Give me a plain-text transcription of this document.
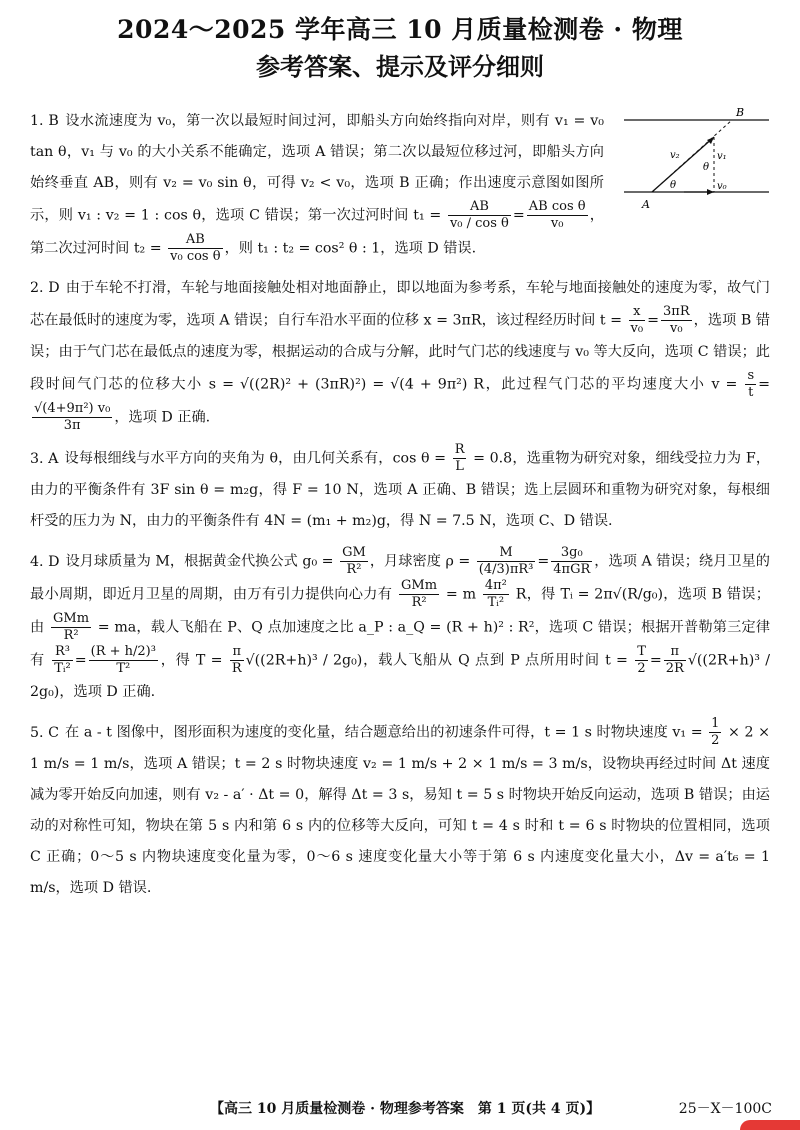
2024～2025 学年高三 10 月质量检测卷 · 物理
参考答案、提示及评分细则
B
A
v₁
v₂
v₀
θ
θ
1. B 设水流速度为 v₀，第一次以最短时间过河，即船头方向始终指向对岸，则有 v₁ = v₀ tan θ，v₁ 与 v₀ 的大小关系不能确定，选项 A 错误；第二次以最短位移过河，即船头方向始终垂直 AB，则有 v₂ = v₀ sin θ，可得 v₂ < v₀，选项 B 正确；作出速度示意图如图所示，则 v₁ : v₂ = 1 : cos θ，选项 C 错误；第一次过河时间 $t_1 = \frac{AB}{\text{v₀ / cos θ}} = \frac{\text{AB cos θ}}{\text{v₀}}$ ，第二次过河时间 $t_2 = \frac{AB}{\text{v₀ cos θ}}$ ，则 t₁ : t₂ = cos² θ : 1，选项 D 错误.
2. D 由于车轮不打滑，车轮与地面接触处相对地面静止，即以地面为参考系，车轮与地面接触处的速度为零，故气门芯在最低时的速度为零，选项 A 错误；自行车沿水平面的位移 x = 3πR，该过程经历时间 $t = \frac{x}{\text{v₀}} = \frac{3\pi R}{\text{v₀}}$ ，选项 B 错误；由于气门芯在最低点的速度为零，根据运动的合成与分解，此时气门芯的线速度与 v₀ 等大反向，选项 C 错误；此段时间气门芯的位移大小 s = √((2R)² + (3πR)²) = √(4 + 9π²) R，此过程气门芯的平均速度大小 $v = \frac{s}{t}$ =
$\frac{\text{√(4+9π²) v₀}}{3\pi}$ ，选项 D 正确.
3. A 设每根细线与水平方向的夹角为 θ，由几何关系有，$\cos \theta = \frac{R}{L} = 0.8$，选重物为研究对象，细线受拉力为 F，由力的平衡条件有 3F sin θ = m₂g，得 F = 10 N，选项 A 正确、B 错误；选上层圆环和重物为研究对象，每根细杆受的压力为 N，由力的平衡条件有 4N = (m₁ + m₂)g，得 N = 7.5 N，选项 C、D 错误.
4. D 设月球质量为 M，根据黄金代换公式 $g_0 = \frac{GM}{\text{R²}}$ ，月球密度 $\rho = \frac{M}{\text{(4/3)πR³}} = \frac{\text{3g₀}}{\text{4πGR}}$ ，选项 A 错误；绕月卫星的最小周期，即近月卫星的周期，由万有引力提供向心力有 $\frac{\text{GMm}}{\text{R²}} = m \frac{\text{4π²}}{\text{Tᵢ²}}$ R，得 Tᵢ = 2π√(R/g₀)，选项 B 错误；由 $\frac{\text{GMm}}{\text{R²}}$ = ma，载人飞船在 P、Q 点加速度之比 a_P : a_Q = (R + h)² : R²，选项 C 错误；根据开普勒第三定律有 $\frac{\text{R³}}{\text{Tᵢ²}} = \frac{\text{(R + h/2)³}}{\text{T²}}$ ，得 $T = \frac{\pi}{R} √((2R+h)^3 / 2g_0)$，载人飞船从 Q 点到 P 点所用时间 $t = \frac{T}{2} = \frac{\pi}{2R} √((2R+h)^3 / 2g_0)$，选项 D 正确.
5. C 在 a - t 图像中，图形面积为速度的变化量，结合题意给出的初速条件可得，t = 1 s 时物块速度 $v_1 = \frac{1}{2} \times 2 \times 1$ m/s = 1 m/s，选项 A 错误；t = 2 s 时物块速度 v₂ = 1 m/s + 2 × 1 m/s = 3 m/s，设物块再经过时间 Δt 速度减为零开始反向加速，则有 v₂ - a′ · Δt = 0，解得 Δt = 3 s，易知 t = 5 s 时物块开始反向运动，选项 B 错误；由运动的对称性可知，物块在第 5 s 内和第 6 s 内的位移等大反向，可知 t = 4 s 时和 t = 6 s 时物块的位置相同，选项 C 正确；0～5 s 内物块速度变化量为零，0～6 s 速度变化量大小等于第 6 s 内速度变化量大小，Δv = a′t₆ = 1 m/s，选项 D 错误.
【高三 10 月质量检测卷 · 物理参考答案　第 1 页(共 4 页)】	25－X－100C
